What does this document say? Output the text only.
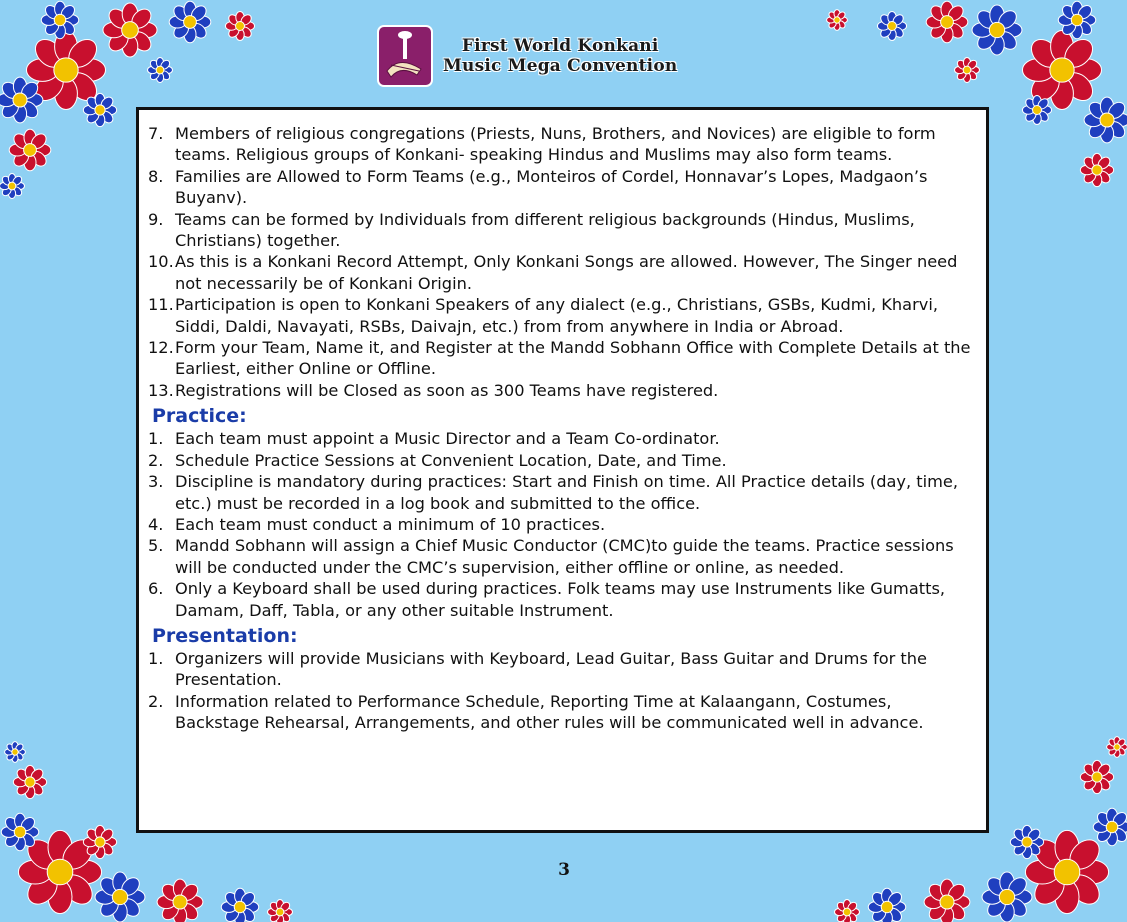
First World Konkani
Music Mega Convention
7. Members of religious congregations (Priests, Nuns, Brothers, and Novices) are eligible to form teams. Religious groups of Konkani- speaking Hindus and Muslims may also form teams.
8. Families are Allowed to Form Teams (e.g., Monteiros of Cordel, Honnavar’s Lopes, Madgaon’s Buyanv).
9. Teams can be formed by Individuals from different religious backgrounds (Hindus, Muslims, Christians) together.
10. As this is a Konkani Record Attempt, Only Konkani Songs are allowed. However, The Singer need not necessarily be of Konkani Origin.
11. Participation is open to Konkani Speakers of any dialect (e.g., Christians, GSBs, Kudmi, Kharvi, Siddi, Daldi, Navayati, RSBs, Daivajn, etc.) from from anywhere in India or Abroad.
12. Form your Team, Name it, and Register at the Mandd Sobhann Office with Complete Details at the Earliest, either Online or Offline.
13. Registrations will be Closed as soon as 300 Teams have registered.
Practice:
1. Each team must appoint a Music Director and a Team Co-ordinator.
2. Schedule Practice Sessions at Convenient Location, Date, and Time.
3. Discipline is mandatory during practices: Start and Finish on time. All Practice details (day, time, etc.) must be recorded in a log book and submitted to the office.
4. Each team must conduct a minimum of 10 practices.
5. Mandd Sobhann will assign a Chief Music Conductor (CMC)to guide the teams. Practice sessions will be conducted under the CMC’s supervision, either offline or online, as needed.
6. Only a Keyboard shall be used during practices. Folk teams may use Instruments like Gumatts, Damam, Daff, Tabla, or any other suitable Instrument.
Presentation:
1. Organizers will provide Musicians with Keyboard, Lead Guitar, Bass Guitar and Drums for the Presentation.
2. Information related to Performance Schedule, Reporting Time at Kalaangann, Costumes, Backstage Rehearsal, Arrangements, and other rules will be communicated well in advance.
3
